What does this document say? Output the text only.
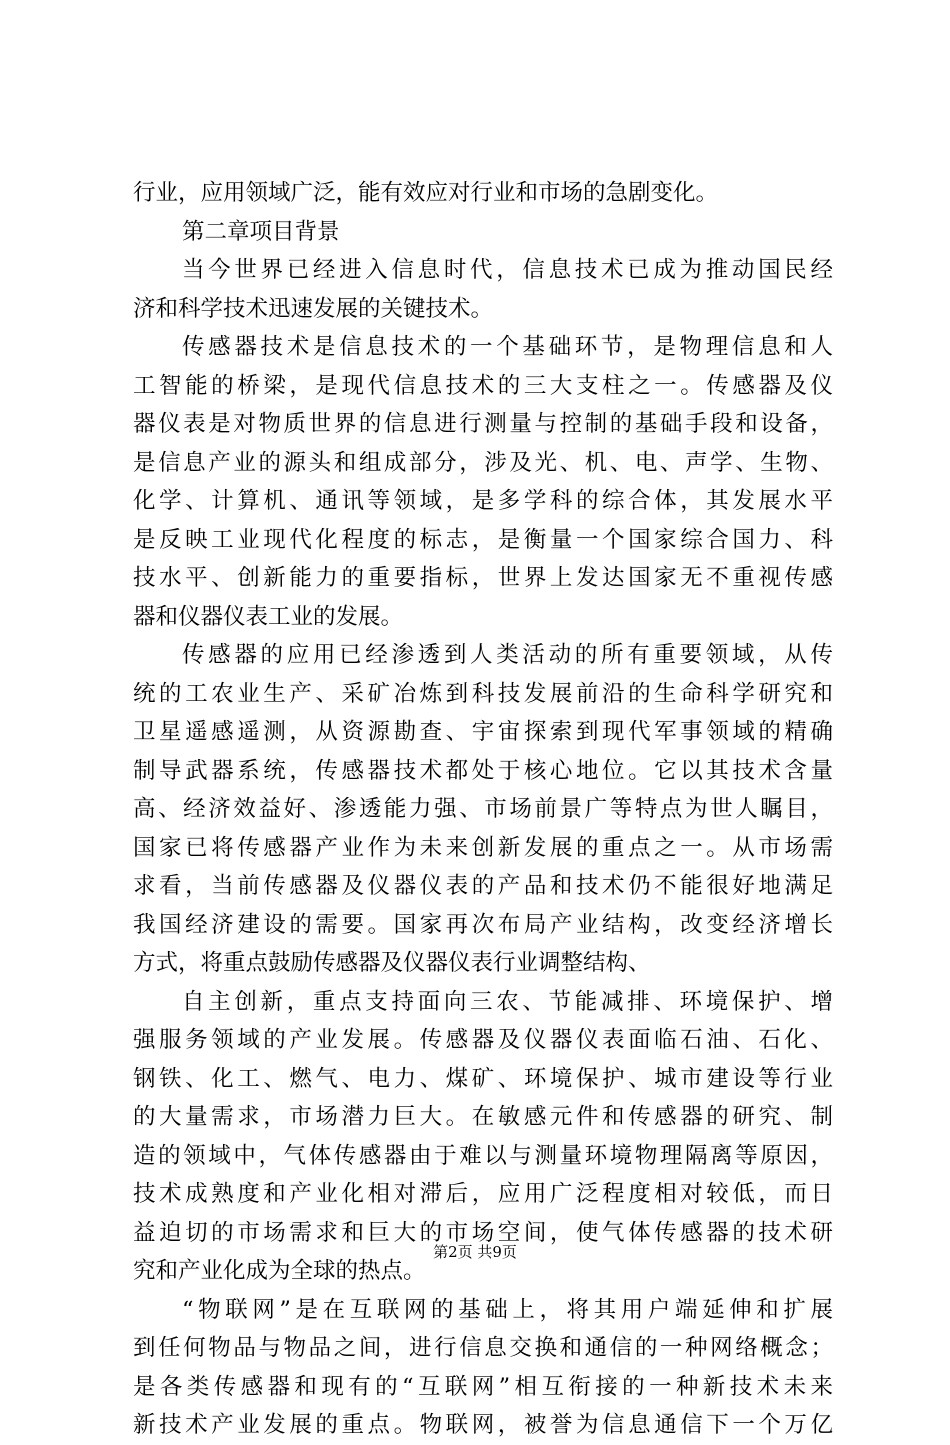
行业，应用领域广泛，能有效应对行业和市场的急剧变化。
第二章项目背景
当今世界已经进入信息时代，信息技术已成为推动国民经
济和科学技术迅速发展的关键技术。
传感器技术是信息技术的一个基础环节，是物理信息和人
工智能的桥梁，是现代信息技术的三大支柱之一。传感器及仪
器仪表是对物质世界的信息进行测量与控制的基础手段和设备，
是信息产业的源头和组成部分，涉及光、机、电、声学、生物、
化学、计算机、通讯等领域，是多学科的综合体，其发展水平
是反映工业现代化程度的标志，是衡量一个国家综合国力、科
技水平、创新能力的重要指标，世界上发达国家无不重视传感
器和仪器仪表工业的发展。
传感器的应用已经渗透到人类活动的所有重要领域，从传
统的工农业生产、采矿冶炼到科技发展前沿的生命科学研究和
卫星遥感遥测，从资源勘查、宇宙探索到现代军事领域的精确
制导武器系统，传感器技术都处于核心地位。它以其技术含量
高、经济效益好、渗透能力强、市场前景广等特点为世人瞩目，
国家已将传感器产业作为未来创新发展的重点之一。从市场需
求看，当前传感器及仪器仪表的产品和技术仍不能很好地满足
我国经济建设的需要。国家再次布局产业结构，改变经济增长
方式，将重点鼓励传感器及仪器仪表行业调整结构、
自主创新，重点支持面向三农、节能减排、环境保护、增
强服务领域的产业发展。传感器及仪器仪表面临石油、石化、
钢铁、化工、燃气、电力、煤矿、环境保护、城市建设等行业
的大量需求，市场潜力巨大。在敏感元件和传感器的研究、制
造的领域中，气体传感器由于难以与测量环境物理隔离等原因，
技术成熟度和产业化相对滞后，应用广泛程度相对较低，而日
益迫切的市场需求和巨大的市场空间，使气体传感器的技术研
究和产业化成为全球的热点。
“物联网”是在互联网的基础上，将其用户端延伸和扩展
到任何物品与物品之间，进行信息交换和通信的一种网络概念；
是各类传感器和现有的“互联网”相互衔接的一种新技术未来
新技术产业发展的重点。物联网，被誉为信息通信下一个万亿
第2页 共9页
